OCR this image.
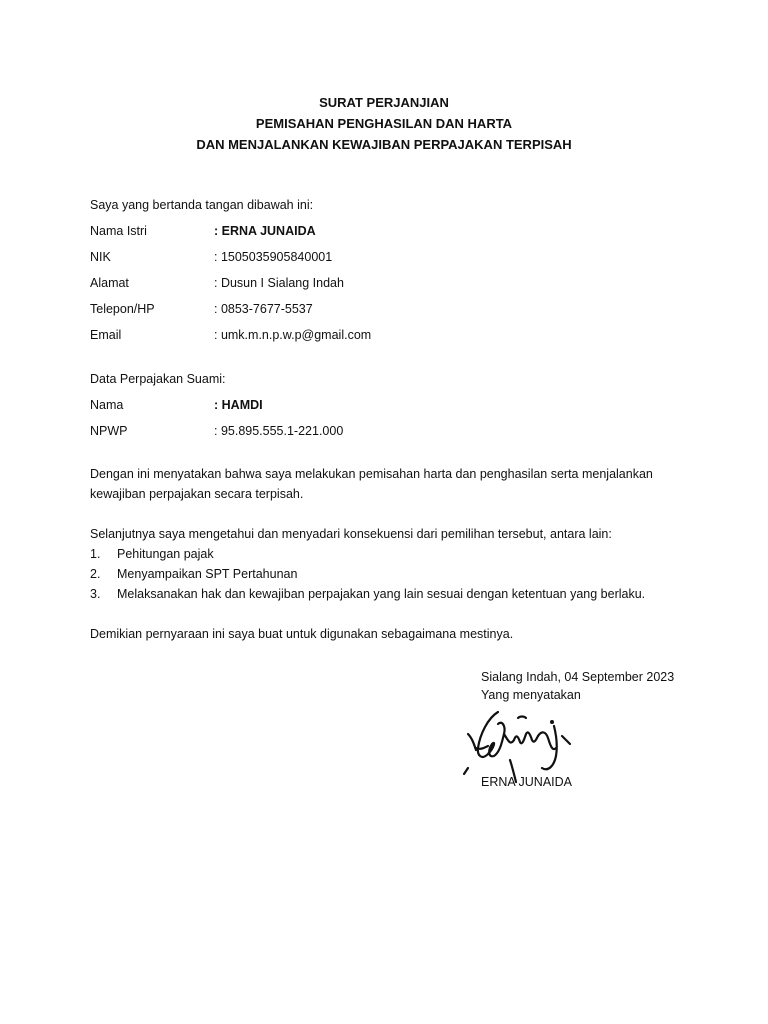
SURAT PERJANJIAN
PEMISAHAN PENGHASILAN DAN HARTA
DAN MENJALANKAN KEWAJIBAN PERPAJAKAN TERPISAH
Saya yang bertanda tangan dibawah ini:
Nama Istri	: ERNA JUNAIDA
NIK	: 1505035905840001
Alamat	: Dusun I Sialang Indah
Telepon/HP	: 0853-7677-5537
Email	: umk.m.n.p.w.p@gmail.com
Data Perpajakan Suami:
Nama	: HAMDI
NPWP	: 95.895.555.1-221.000
Dengan ini menyatakan bahwa saya melakukan pemisahan harta dan penghasilan serta menjalankan
kewajiban perpajakan secara terpisah.
Selanjutnya saya mengetahui dan menyadari konsekuensi dari pemilihan tersebut, antara lain:
1. Pehitungan pajak
2. Menyampaikan SPT Pertahunan
3. Melaksanakan hak dan kewajiban perpajakan yang lain sesuai dengan ketentuan yang berlaku.
Demikian pernyaraan ini saya buat untuk digunakan sebagaimana mestinya.
Sialang Indah, 04 September 2023
Yang menyatakan
ERNA JUNAIDA
